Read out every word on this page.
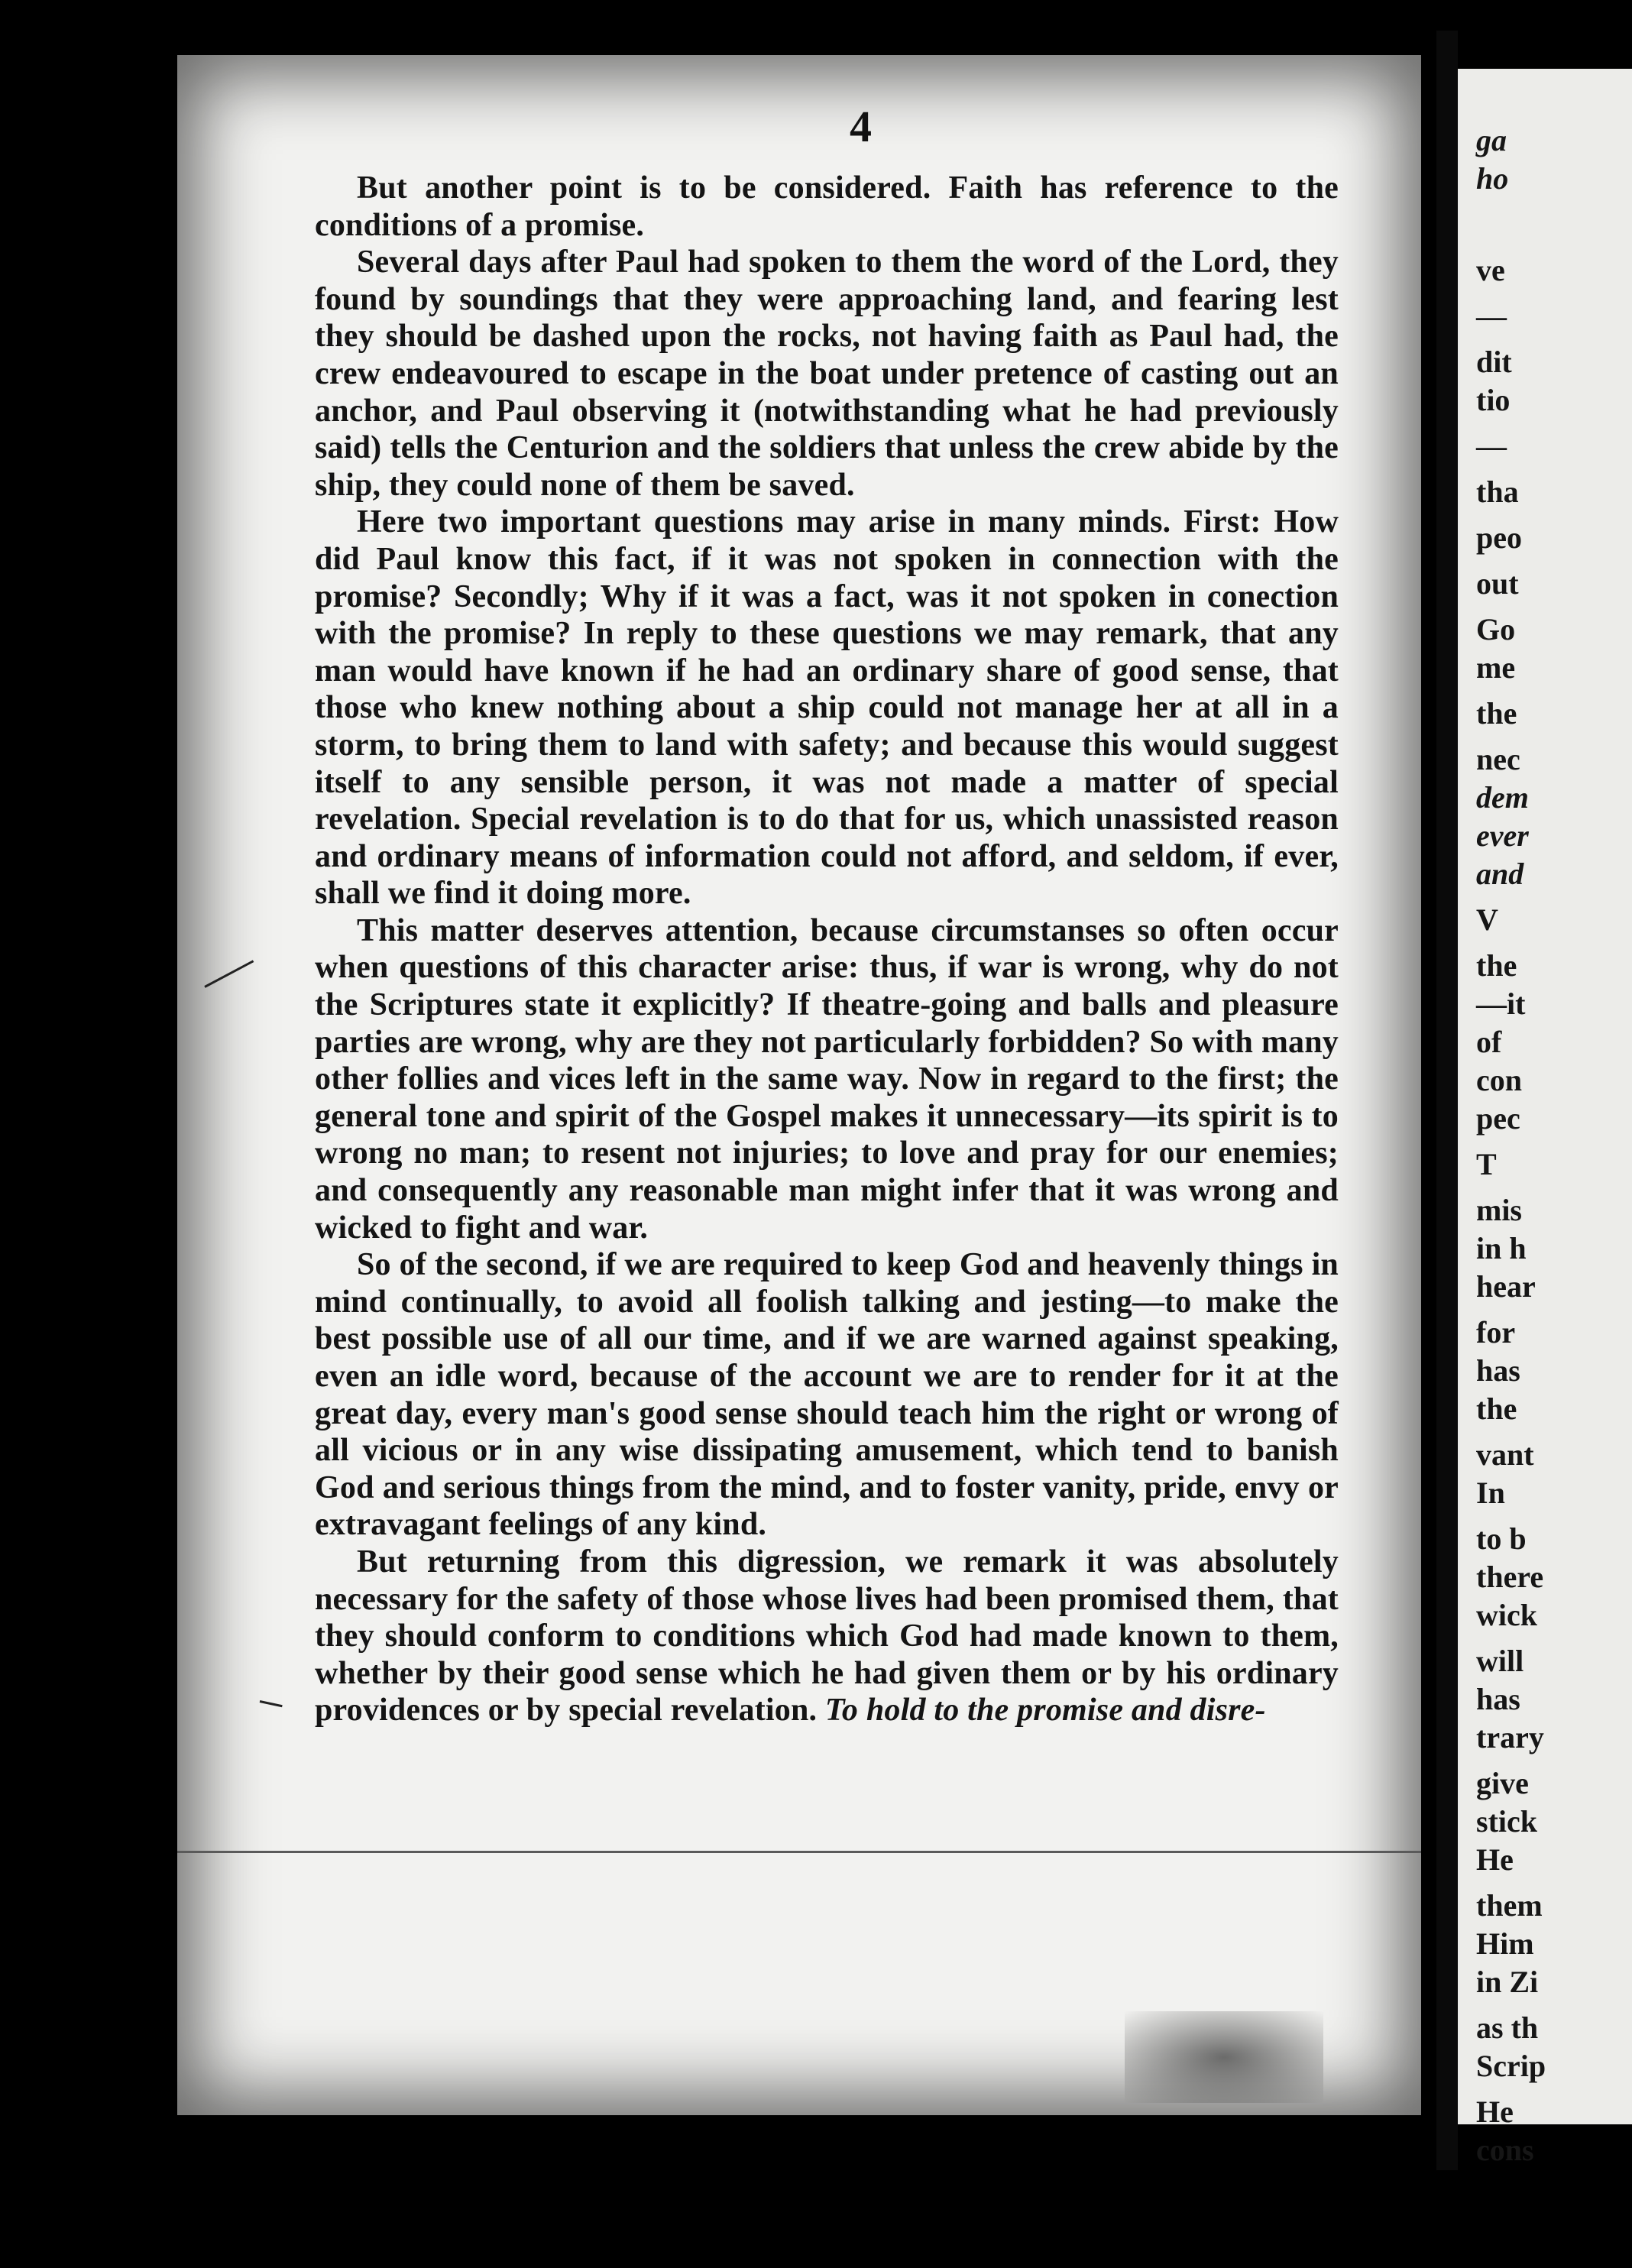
4

But another point is to be considered. Faith has reference to the conditions of a promise.

Several days after Paul had spoken to them the word of the Lord, they found by soundings that they were approaching land, and fearing lest they should be dashed upon the rocks, not having faith as Paul had, the crew endeavoured to escape in the boat under pretence of casting out an anchor, and Paul observing it (notwithstanding what he had previously said) tells the Centurion and the soldiers that unless the crew abide by the ship, they could none of them be saved.

Here two important questions may arise in many minds. First: How did Paul know this fact, if it was not spoken in connection with the promise? Secondly; Why if it was a fact, was it not spoken in conection with the promise? In reply to these questions we may remark, that any man would have known if he had an ordinary share of good sense, that those who knew nothing about a ship could not manage her at all in a storm, to bring them to land with safety; and because this would suggest itself to any sensible person, it was not made a matter of special revelation. Special revelation is to do that for us, which unassisted reason and ordinary means of information could not afford, and seldom, if ever, shall we find it doing more.

This matter deserves attention, because circumstanses so often occur when questions of this character arise: thus, if war is wrong, why do not the Scriptures state it explicitly? If theatre-going and balls and pleasure parties are wrong, why are they not particularly forbidden? So with many other follies and vices left in the same way. Now in regard to the first; the general tone and spirit of the Gospel makes it unnecessary—its spirit is to wrong no man; to resent not injuries; to love and pray for our enemies; and consequently any reasonable man might infer that it was wrong and wicked to fight and war.

So of the second, if we are required to keep God and heavenly things in mind continually, to avoid all foolish talking and jesting—to make the best possible use of all our time, and if we are warned against speaking, even an idle word, because of the account we are to render for it at the great day, every man's good sense should teach him the right or wrong of all vicious or in any wise dissipating amusement, which tend to banish God and serious things from the mind, and to foster vanity, pride, envy or extravagant feelings of any kind.

But returning from this digression, we remark it was absolutely necessary for the safety of those whose lives had been promised them, that they should conform to conditions which God had made known to them, whether by their good sense which he had given them or by his ordinary providences or by special revelation. To hold to the promise and disre-

ga
ho
ve
—
dit
tio
—
tha
peo
out
Go
me
the
nec
dem
ever
and
V
the
—it
of
con
pec
T
mis
in h
hear
for
has
the
vant
In
to b
there
wick
will
has
trary
give
stick
He
them
Him
in Zi
as th
Scrip
He
cons
